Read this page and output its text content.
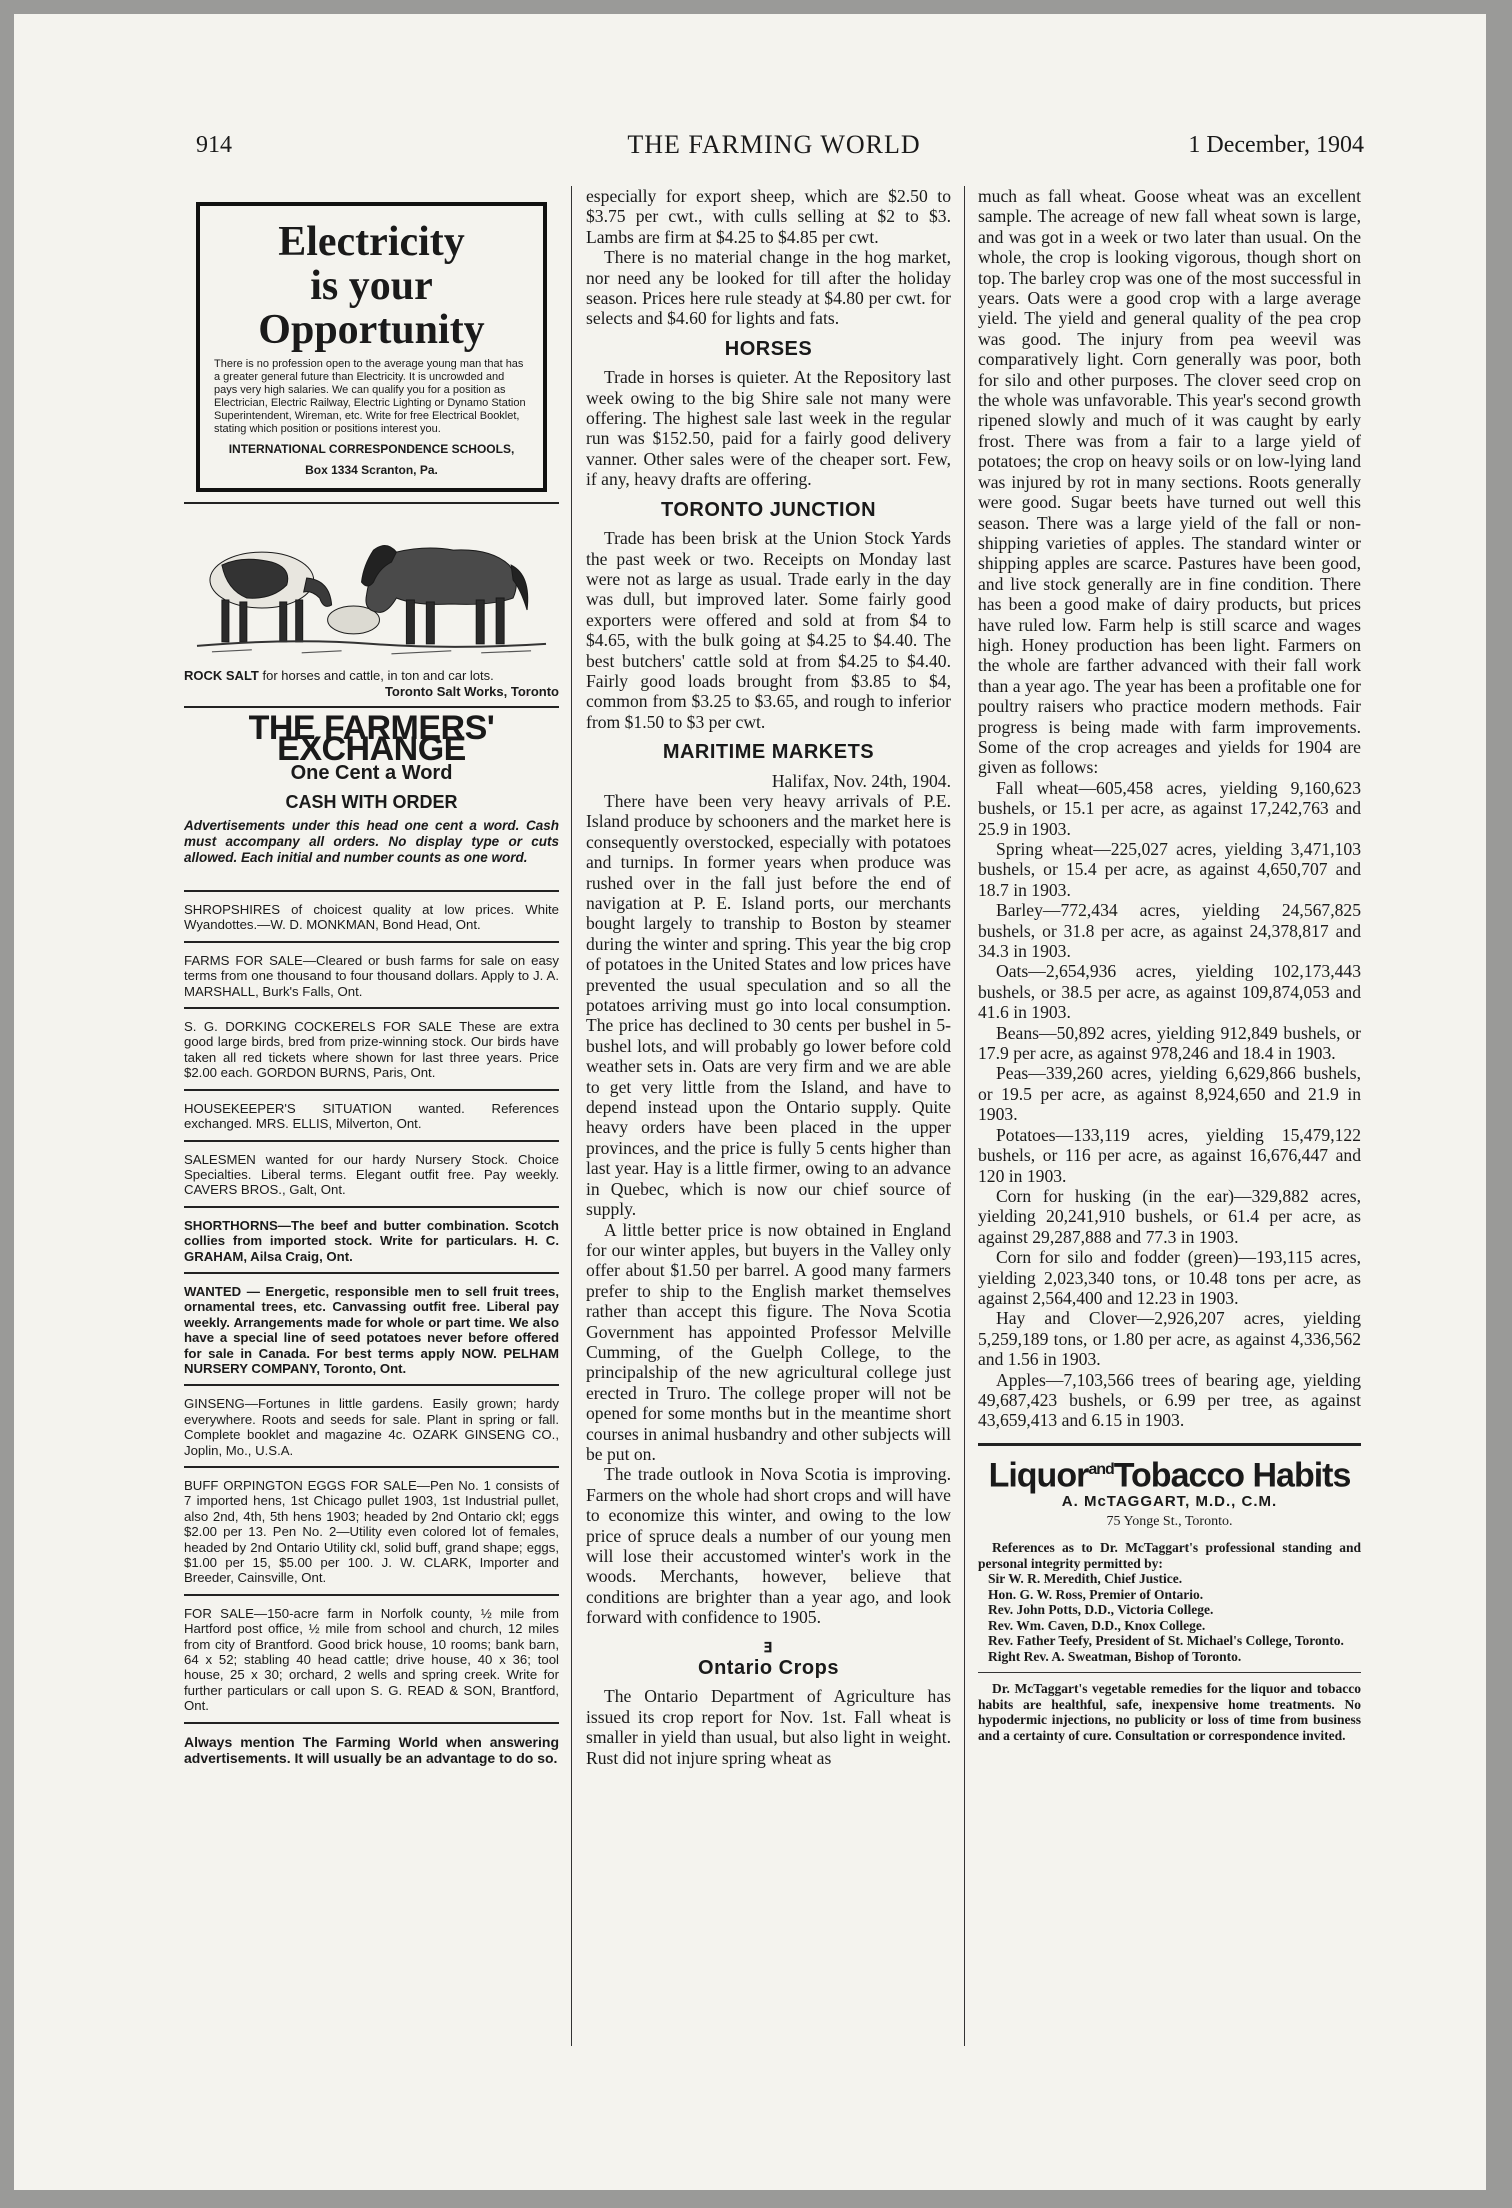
914	THE FARMING WORLD	1 December, 1904
Electricity
is your
Opportunity

There is no profession open to the average young man that has a greater general future than Electricity. It is uncrowded and pays very high salaries. We can qualify you for a position as Electrician, Electric Railway, Electric Lighting or Dynamo Station Superintendent, Wireman, etc. Write for free Electrical Booklet, stating which position or positions interest you.

INTERNATIONAL CORRESPONDENCE SCHOOLS,
Box 1334 Scranton, Pa.
ROCK SALT for horses and cattle, in ton and car lots.
Toronto Salt Works, Toronto
THE FARMERS' EXCHANGE
One Cent a Word
CASH WITH ORDER
Advertisements under this head one cent a word. Cash must accompany all orders. No display type or cuts allowed. Each initial and number counts as one word.
SHROPSHIRES of choicest quality at low prices. White Wyandottes.—W. D. MONKMAN, Bond Head, Ont.
FARMS FOR SALE—Cleared or bush farms for sale on easy terms from one thousand to four thousand dollars. Apply to J. A. MARSHALL, Burk's Falls, Ont.
S. G. DORKING COCKERELS FOR SALE These are extra good large birds, bred from prize-winning stock. Our birds have taken all red tickets where shown for last three years. Price $2.00 each. GORDON BURNS, Paris, Ont.
HOUSEKEEPER'S SITUATION wanted. References exchanged. MRS. ELLIS, Milverton, Ont.
SALESMEN wanted for our hardy Nursery Stock. Choice Specialties. Liberal terms. Elegant outfit free. Pay weekly. CAVERS BROS., Galt, Ont.
SHORTHORNS—The beef and butter combination. Scotch collies from imported stock. Write for particulars. H. C. GRAHAM, Ailsa Craig, Ont.
WANTED — Energetic, responsible men to sell fruit trees, ornamental trees, etc. Canvassing outfit free. Liberal pay weekly. Arrangements made for whole or part time. We also have a special line of seed potatoes never before offered for sale in Canada. For best terms apply NOW. PELHAM NURSERY COMPANY, Toronto, Ont.
GINSENG—Fortunes in little gardens. Easily grown; hardy everywhere. Roots and seeds for sale. Plant in spring or fall. Complete booklet and magazine 4c. OZARK GINSENG CO., Joplin, Mo., U.S.A.
BUFF ORPINGTON EGGS FOR SALE—Pen No. 1 consists of 7 imported hens, 1st Chicago pullet 1903, 1st Industrial pullet, also 2nd, 4th, 5th hens 1903; headed by 2nd Ontario ckl; eggs $2.00 per 13. Pen No. 2—Utility even colored lot of females, headed by 2nd Ontario Utility ckl, solid buff, grand shape; eggs, $1.00 per 15, $5.00 per 100. J. W. CLARK, Importer and Breeder, Cainsville, Ont.
FOR SALE—150-acre farm in Norfolk county, ½ mile from Hartford post office, ½ mile from school and church, 12 miles from city of Brantford. Good brick house, 10 rooms; bank barn, 64 x 52; stabling 40 head cattle; drive house, 40 x 36; tool house, 25 x 30; orchard, 2 wells and spring creek. Write for further particulars or call upon S. G. READ & SON, Brantford, Ont.
Always mention The Farming World when answering advertisements. It will usually be an advantage to do so.

especially for export sheep, which are $2.50 to $3.75 per cwt., with culls selling at $2 to $3. Lambs are firm at $4.25 to $4.85 per cwt.

There is no material change in the hog market, nor need any be looked for till after the holiday season. Prices here rule steady at $4.80 per cwt. for selects and $4.60 for lights and fats.

HORSES

Trade in horses is quieter. At the Repository last week owing to the big Shire sale not many were offering. The highest sale last week in the regular run was $152.50, paid for a fairly good delivery vanner. Other sales were of the cheaper sort. Few, if any, heavy drafts are offering.

TORONTO JUNCTION

Trade has been brisk at the Union Stock Yards the past week or two. Receipts on Monday last were not as large as usual. Trade early in the day was dull, but improved later. Some fairly good exporters were offered and sold at from $4 to $4.65, with the bulk going at $4.25 to $4.40. The best butchers' cattle sold at from $4.25 to $4.40. Fairly good loads brought from $3.85 to $4, common from $3.25 to $3.65, and rough to inferior from $1.50 to $3 per cwt.

MARITIME MARKETS

Halifax, Nov. 24th, 1904.

There have been very heavy arrivals of P.E. Island produce by schooners and the market here is consequently overstocked, especially with potatoes and turnips. In former years when produce was rushed over in the fall just before the end of navigation at P. E. Island ports, our merchants bought largely to tranship to Boston by steamer during the winter and spring. This year the big crop of potatoes in the United States and low prices have prevented the usual speculation and so all the potatoes arriving must go into local consumption. The price has declined to 30 cents per bushel in 5-bushel lots, and will probably go lower before cold weather sets in. Oats are very firm and we are able to get very little from the Island, and have to depend instead upon the Ontario supply. Quite heavy orders have been placed in the upper provinces, and the price is fully 5 cents higher than last year. Hay is a little firmer, owing to an advance in Quebec, which is now our chief source of supply.

A little better price is now obtained in England for our winter apples, but buyers in the Valley only offer about $1.50 per barrel. A good many farmers prefer to ship to the English market themselves rather than accept this figure. The Nova Scotia Government has appointed Professor Melville Cumming, of the Guelph College, to the principalship of the new agricultural college just erected in Truro. The college proper will not be opened for some months but in the meantime short courses in animal husbandry and other subjects will be put on.

The trade outlook in Nova Scotia is improving. Farmers on the whole had short crops and will have to economize this winter, and owing to the low price of spruce deals a number of our young men will lose their accustomed winter's work in the woods. Merchants, however, believe that conditions are brighter than a year ago, and look forward with confidence to 1905.

ⱻ
Ontario Crops

The Ontario Department of Agriculture has issued its crop report for Nov. 1st. Fall wheat is smaller in yield than usual, but also light in weight. Rust did not injure spring wheat as

much as fall wheat. Goose wheat was an excellent sample. The acreage of new fall wheat sown is large, and was got in a week or two later than usual. On the whole, the crop is looking vigorous, though short on top. The barley crop was one of the most successful in years. Oats were a good crop with a large average yield. The yield and general quality of the pea crop was good. The injury from pea weevil was comparatively light. Corn generally was poor, both for silo and other purposes. The clover seed crop on the whole was unfavorable. This year's second growth ripened slowly and much of it was caught by early frost. There was from a fair to a large yield of potatoes; the crop on heavy soils or on low-lying land was injured by rot in many sections. Roots generally were good. Sugar beets have turned out well this season. There was a large yield of the fall or non-shipping varieties of apples. The standard winter or shipping apples are scarce. Pastures have been good, and live stock generally are in fine condition. There has been a good make of dairy products, but prices have ruled low. Farm help is still scarce and wages high. Honey production has been light. Farmers on the whole are farther advanced with their fall work than a year ago. The year has been a profitable one for poultry raisers who practice modern methods. Fair progress is being made with farm improvements. Some of the crop acreages and yields for 1904 are given as follows:

Fall wheat—605,458 acres, yielding 9,160,623 bushels, or 15.1 per acre, as against 17,242,763 and 25.9 in 1903.

Spring wheat—225,027 acres, yielding 3,471,103 bushels, or 15.4 per acre, as against 4,650,707 and 18.7 in 1903.

Barley—772,434 acres, yielding 24,567,825 bushels, or 31.8 per acre, as against 24,378,817 and 34.3 in 1903.

Oats—2,654,936 acres, yielding 102,173,443 bushels, or 38.5 per acre, as against 109,874,053 and 41.6 in 1903.

Beans—50,892 acres, yielding 912,849 bushels, or 17.9 per acre, as against 978,246 and 18.4 in 1903.

Peas—339,260 acres, yielding 6,629,866 bushels, or 19.5 per acre, as against 8,924,650 and 21.9 in 1903.

Potatoes—133,119 acres, yielding 15,479,122 bushels, or 116 per acre, as against 16,676,447 and 120 in 1903.

Corn for husking (in the ear)—329,882 acres, yielding 20,241,910 bushels, or 61.4 per acre, as against 29,287,888 and 77.3 in 1903.

Corn for silo and fodder (green)—193,115 acres, yielding 2,023,340 tons, or 10.48 tons per acre, as against 2,564,400 and 12.23 in 1903.

Hay and Clover—2,926,207 acres, yielding 5,259,189 tons, or 1.80 per acre, as against 4,336,562 and 1.56 in 1903.

Apples—7,103,566 trees of bearing age, yielding 49,687,423 bushels, or 6.99 per tree, as against 43,659,413 and 6.15 in 1903.

Liquor$^{and}$Tobacco Habits
A. McTAGGART, M.D., C.M.
75 Yonge St., Toronto.

References as to Dr. McTaggart's professional standing and personal integrity permitted by:

Sir W. R. Meredith, Chief Justice.

Hon. G. W. Ross, Premier of Ontario.

Rev. John Potts, D.D., Victoria College.

Rev. Wm. Caven, D.D., Knox College.

Rev. Father Teefy, President of St. Michael's College, Toronto.

Right Rev. A. Sweatman, Bishop of Toronto.

Dr. McTaggart's vegetable remedies for the liquor and tobacco habits are healthful, safe, inexpensive home treatments. No hypodermic injections, no publicity or loss of time from business and a certainty of cure. Consultation or correspondence invited.
